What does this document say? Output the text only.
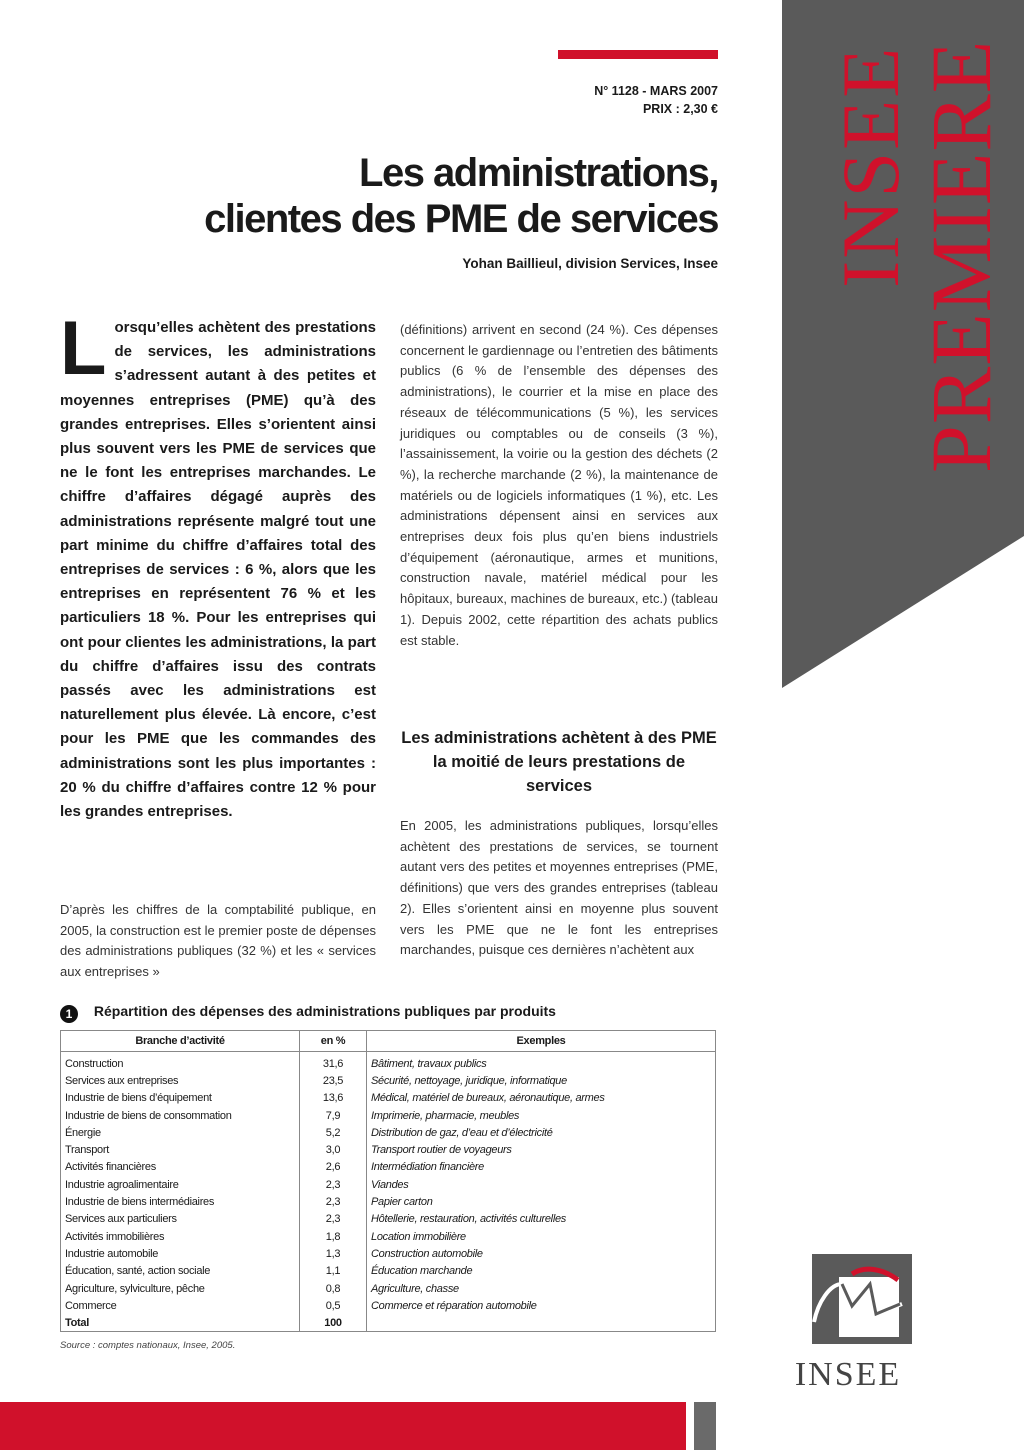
INSEE
PREMIERE
N° 1128 - MARS 2007
PRIX : 2,30 €
Les administrations,
clientes des PME de services
Yohan Baillieul, division Services, Insee
L orsqu’elles achètent des prestations de services, les administrations s’adressent autant à des petites et moyennes entreprises (PME) qu’à des grandes entreprises. Elles s’orientent ainsi plus souvent vers les PME de services que ne le font les entreprises marchandes. Le chiffre d’affaires dégagé auprès des administrations représente malgré tout une part minime du chiffre d’affaires total des entreprises de services : 6 %, alors que les entreprises en représentent 76 % et les particuliers 18 %. Pour les entreprises qui ont pour clientes les administrations, la part du chiffre d’affaires issu des contrats passés avec les administrations est naturellement plus élevée. Là encore, c’est pour les PME que les commandes des administrations sont les plus importantes : 20 % du chiffre d’affaires contre 12 % pour les grandes entreprises.
D’après les chiffres de la comptabilité publique, en 2005, la construction est le premier poste de dépenses des administrations publiques (32 %) et les « services aux entreprises »
(définitions) arrivent en second (24 %). Ces dépenses concernent le gardiennage ou l’entretien des bâtiments publics (6 % de l’ensemble des dépenses des administrations), le courrier et la mise en place des réseaux de télécommunications (5 %), les services juridiques ou comptables ou de conseils (3 %), l’assainissement, la voirie ou la gestion des déchets (2 %), la recherche marchande (2 %), la maintenance de matériels ou de logiciels informatiques (1 %), etc. Les administrations dépensent ainsi en services aux entreprises deux fois plus qu’en biens industriels d’équipement (aéronautique, armes et munitions, construction navale, matériel médical pour les hôpitaux, bureaux, machines de bureaux, etc.) (tableau 1). Depuis 2002, cette répartition des achats publics est stable.
Les administrations achètent à des PME la moitié de leurs prestations de services
En 2005, les administrations publiques, lorsqu’elles achètent des prestations de services, se tournent autant vers des petites et moyennes entreprises (PME, définitions) que vers des grandes entreprises (tableau 2). Elles s’orientent ainsi en moyenne plus souvent vers les PME que ne le font les entreprises marchandes, puisque ces dernières n’achètent aux
1 Répartition des dépenses des administrations publiques par produits
Branche d’activité	en %	Exemples
Construction	31,6	Bâtiment, travaux publics
Services aux entreprises	23,5	Sécurité, nettoyage, juridique, informatique
Industrie de biens d’équipement	13,6	Médical, matériel de bureaux, aéronautique, armes
Industrie de biens de consommation	7,9	Imprimerie, pharmacie, meubles
Énergie	5,2	Distribution de gaz, d’eau et d’électricité
Transport	3,0	Transport routier de voyageurs
Activités financières	2,6	Intermédiation financière
Industrie agroalimentaire	2,3	Viandes
Industrie de biens intermédiaires	2,3	Papier carton
Services aux particuliers	2,3	Hôtellerie, restauration, activités culturelles
Activités immobilières	1,8	Location immobilière
Industrie automobile	1,3	Construction automobile
Éducation, santé, action sociale	1,1	Éducation marchande
Agriculture, sylviculture, pêche	0,8	Agriculture, chasse
Commerce	0,5	Commerce et réparation automobile
Total	100	
Source : comptes nationaux, Insee, 2005.
INSEE
